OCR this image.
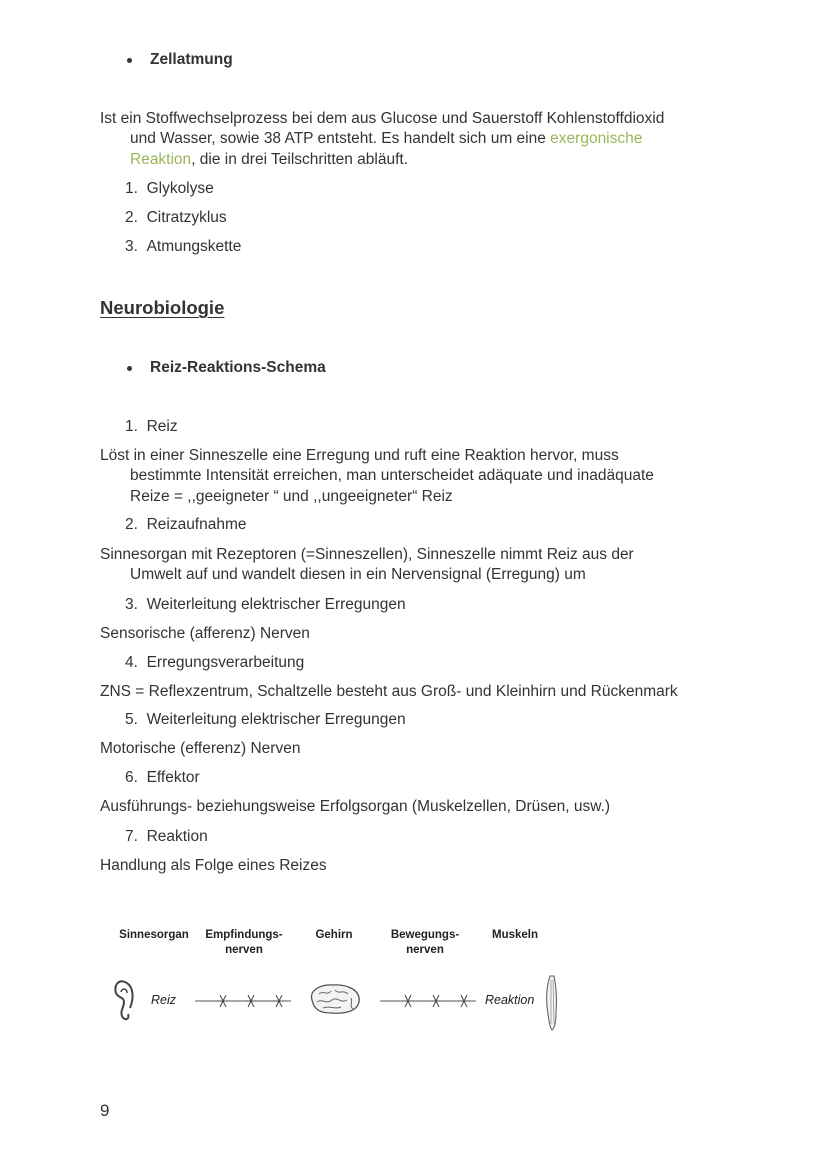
Zellatmung
Ist ein Stoffwechselprozess bei dem aus Glucose und Sauerstoff Kohlenstoffdioxid
und Wasser, sowie 38 ATP entsteht. Es handelt sich um eine exergonische
Reaktion, die in drei Teilschritten abläuft.
1. Glykolyse
2. Citratzyklus
3. Atmungskette
Neurobiologie
Reiz-Reaktions-Schema
1. Reiz
Löst in einer Sinneszelle eine Erregung und ruft eine Reaktion hervor, muss
bestimmte Intensität erreichen, man unterscheidet adäquate und inadäquate
Reize = ,,geeigneter “ und ,,ungeeigneter“ Reiz
2. Reizaufnahme
Sinnesorgan mit Rezeptoren (=Sinneszellen), Sinneszelle nimmt Reiz aus der
Umwelt auf und wandelt diesen in ein Nervensignal (Erregung) um
3. Weiterleitung elektrischer Erregungen
Sensorische (afferenz) Nerven
4. Erregungsverarbeitung
ZNS = Reflexzentrum, Schaltzelle besteht aus Groß- und Kleinhirn und Rückenmark
5. Weiterleitung elektrischer Erregungen
Motorische (efferenz) Nerven
6. Effektor
Ausführungs- beziehungsweise Erfolgsorgan (Muskelzellen, Drüsen, usw.)
7. Reaktion
Handlung als Folge eines Reizes
Sinnesorgan	Empfindungs-
nerven
Gehirn	Bewegungs-
nerven
Muskeln
Reiz	Reaktion
9
